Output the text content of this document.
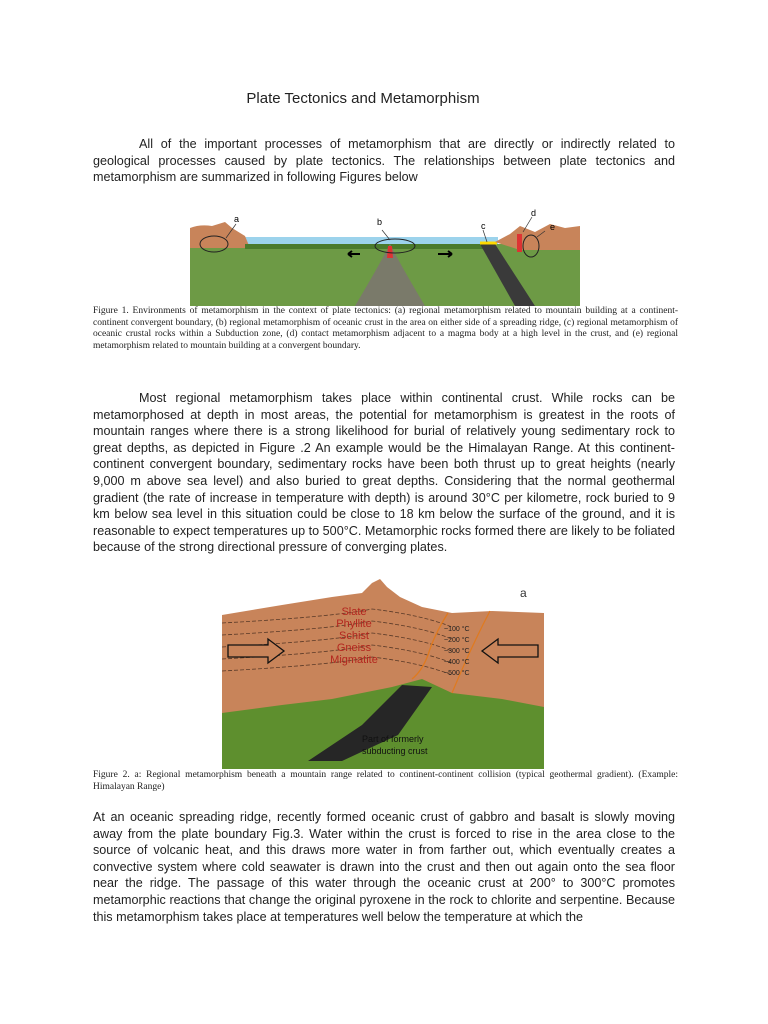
Plate Tectonics and Metamorphism

All of the important processes of metamorphism that are directly or indirectly related to geological processes caused by plate tectonics. The relationships between plate tectonics and metamorphism are summarized in following Figures below

a	b	c
d
e

Figure 1. Environments of metamorphism in the context of plate tectonics: (a) regional metamorphism related to mountain building at a continent-continent convergent boundary, (b) regional metamorphism of oceanic crust in the area on either side of a spreading ridge, (c) regional metamorphism of oceanic crustal rocks within a Subduction zone, (d) contact metamorphism adjacent to a magma body at a high level in the crust, and (e) regional metamorphism related to mountain building at a convergent boundary.

Most regional metamorphism takes place within continental crust. While rocks can be metamorphosed at depth in most areas, the potential for metamorphism is greatest in the roots of mountain ranges where there is a strong likelihood for burial of relatively young sedimentary rock to great depths, as depicted in Figure .2 An example would be the Himalayan Range. At this continent-continent convergent boundary, sedimentary rocks have been both thrust up to great heights (nearly 9,000 m above sea level) and also buried to great depths. Considering that the normal geothermal gradient (the rate of increase in temperature with depth) is around 30°C per kilometre, rock buried to 9 km below sea level in this situation could be close to 18 km below the surface of the ground, and it is reasonable to expect temperatures up to 500°C. Metamorphic rocks formed there are likely to be foliated because of the strong directional pressure of converging plates.

a
Slate
Phyllite
Schist
Gneiss
Migmatite
~100 °C
~200 °C
~300 °C
~400 °C
~500 °C
Part of formerly
subducting crust

Figure 2. a: Regional metamorphism beneath a mountain range related to continent-continent collision (typical geothermal gradient). (Example: Himalayan Range)

At an oceanic spreading ridge, recently formed oceanic crust of gabbro and basalt is slowly moving away from the plate boundary Fig.3. Water within the crust is forced to rise in the area close to the source of volcanic heat, and this draws more water in from farther out, which eventually creates a convective system where cold seawater is drawn into the crust and then out again onto the sea floor near the ridge. The passage of this water through the oceanic crust at 200° to 300°C promotes metamorphic reactions that change the original pyroxene in the rock to chlorite and serpentine. Because this metamorphism takes place at temperatures well below the temperature at which the
